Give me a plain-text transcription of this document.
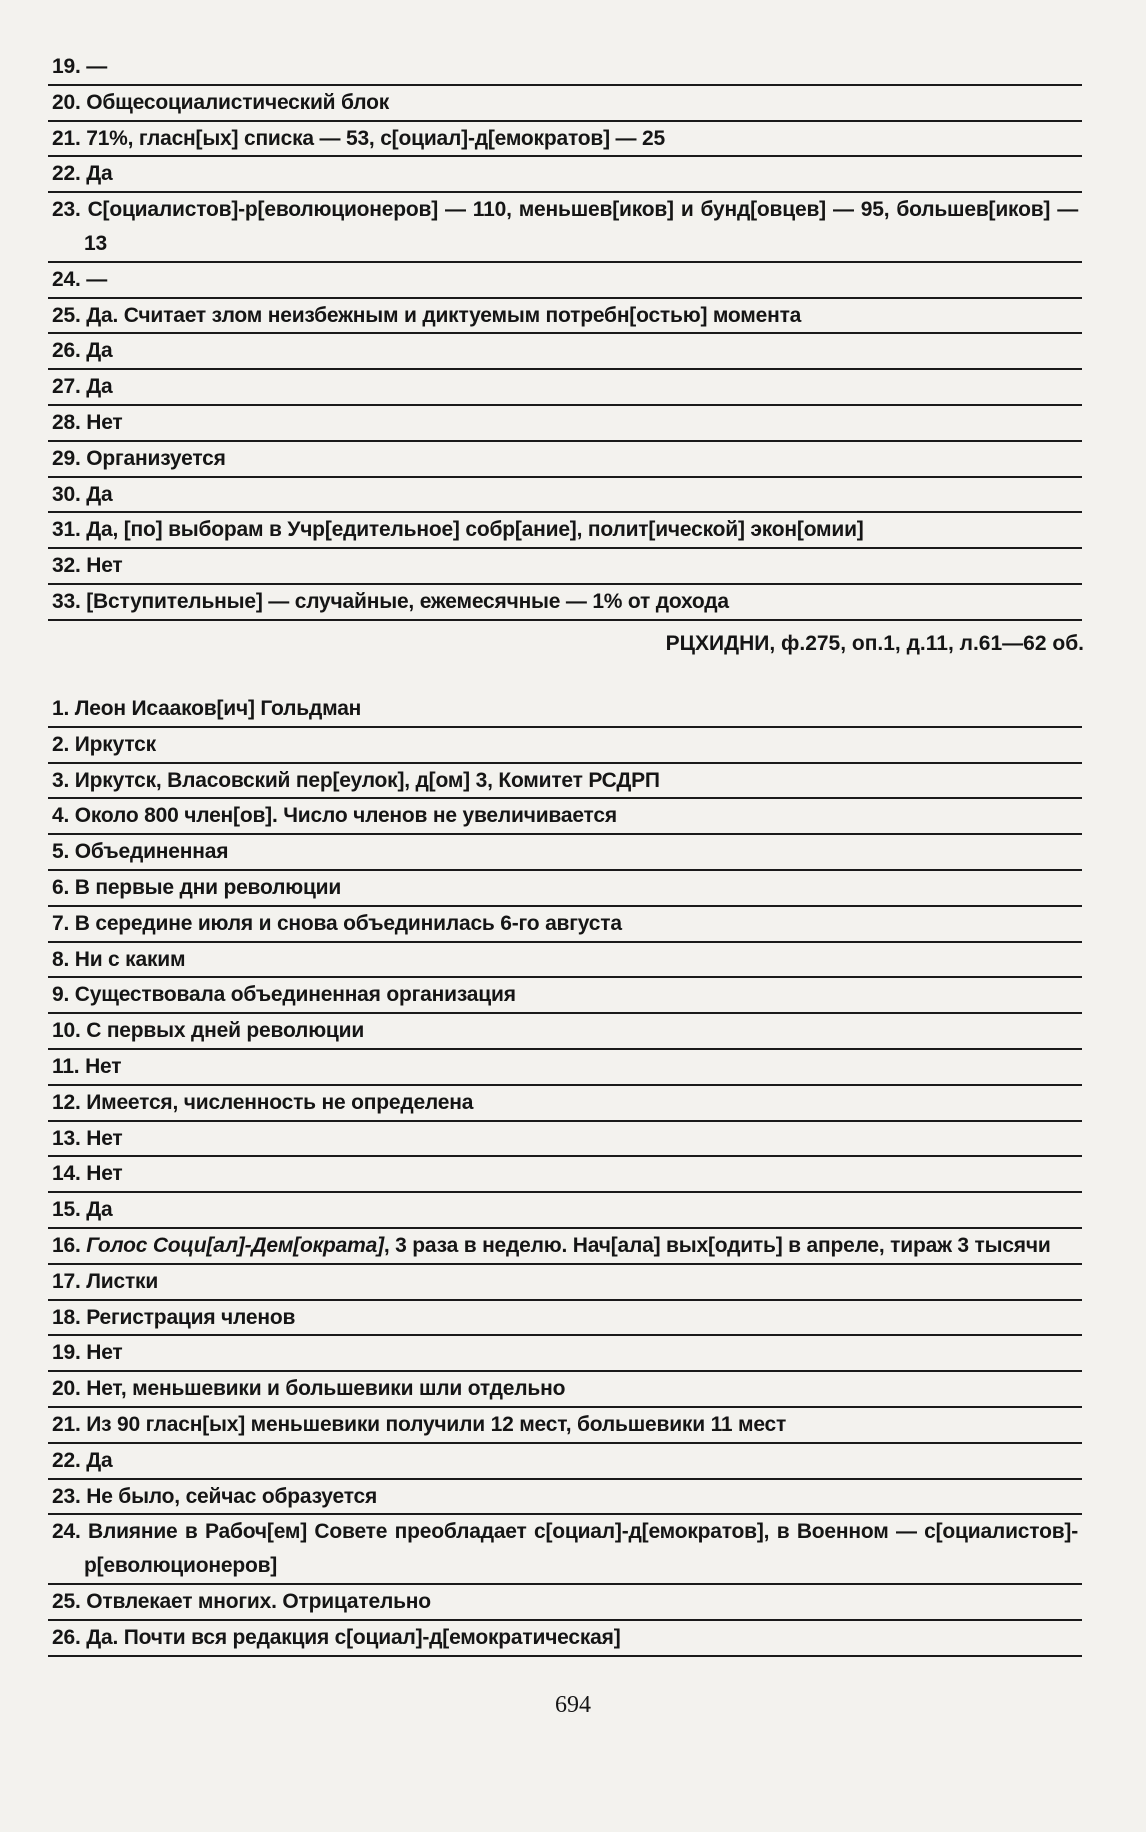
19. —
20. Общесоциалистический блок
21. 71%, гласн[ых] списка — 53, с[оциал]-д[емократов] — 25
22. Да
23. С[оциалистов]-р[еволюционеров] — 110, меньшев[иков] и бунд[овцев] — 95, большев[иков] — 13
24. —
25. Да. Считает злом неизбежным и диктуемым потребн[остью] момента
26. Да
27. Да
28. Нет
29. Организуется
30. Да
31. Да, [по] выборам в Учр[едительное] собр[ание], полит[ической] экон[омии]
32. Нет
33. [Вступительные] — случайные, ежемесячные — 1% от дохода
РЦХИДНИ, ф.275, оп.1, д.11, л.61—62 об.
1. Леон Исааков[ич] Гольдман
2. Иркутск
3. Иркутск, Власовский пер[еулок], д[ом] 3, Комитет РСДРП
4. Около 800 член[ов]. Число членов не увеличивается
5. Объединенная
6. В первые дни революции
7. В середине июля и снова объединилась 6-го августа
8. Ни с каким
9. Существовала объединенная организация
10. С первых дней революции
11. Нет
12. Имеется, численность не определена
13. Нет
14. Нет
15. Да
16. Голос Соци[ал]-Дем[ократа], 3 раза в неделю. Нач[ала] вых[одить] в апреле, тираж 3 тысячи
17. Листки
18. Регистрация членов
19. Нет
20. Нет, меньшевики и большевики шли отдельно
21. Из 90 гласн[ых] меньшевики получили 12 мест, большевики 11 мест
22. Да
23. Не было, сейчас образуется
24. Влияние в Рабоч[ем] Совете преобладает с[оциал]-д[емократов], в Военном — с[оциалистов]-р[еволюционеров]
25. Отвлекает многих. Отрицательно
26. Да. Почти вся редакция с[оциал]-д[емократическая]
694
